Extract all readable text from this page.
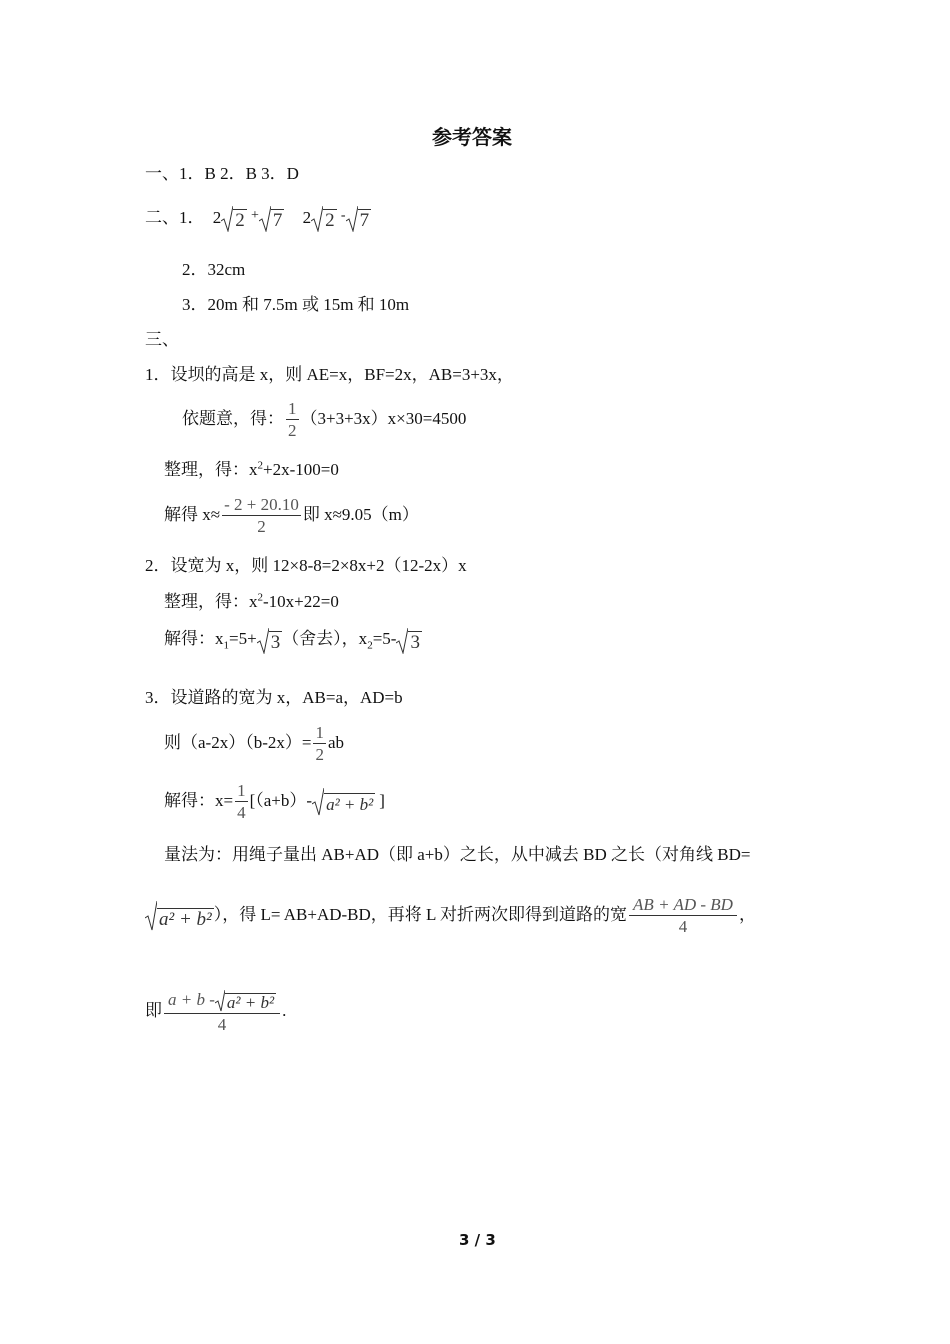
参考答案
一、1．B 2．B 3．D
二、1． 2 2 + 7 2 2 - 7
2．32cm
3．20m 和 7.5m 或 15m 和 10m
三、
1．设坝的高是 x，则 AE=x，BF=2x，AB=3+3x，
依题意，得： $\frac{1}{2} (3+3+3x)x\times 30=4500$
整理，得：$x^2+2x-100=0$
解得 $x\approx \frac{- 2 + 20.10}{2}$ 即 x≈9.05（m）
2．设宽为 x，则 12×8-8=2×8x+2（12-2x）x
整理，得：$x^2-10x+22=0$
解得：$x_1=5+ 3$ （舍去），$x_2=5-$ 3
3．设道路的宽为 x，AB=a，AD=b
则$(a-2x)(b-2x)= \frac{1}{2}$ ab
解得：$x= \frac{1}{4} [(a+b)-$ a² + b² ]
量法为：用绳子量出 AB+AD（即 a+b）之长，从中减去 BD 之长（对角线 BD=
a² + b² ），得 L= AB+AD-BD，再将 L 对折两次即得到道路的宽 $\frac{AB + AD - BD}{4}$ ，
即 $\frac{\text{a + b - a² + b²}}{4}$ .
3 / 3
